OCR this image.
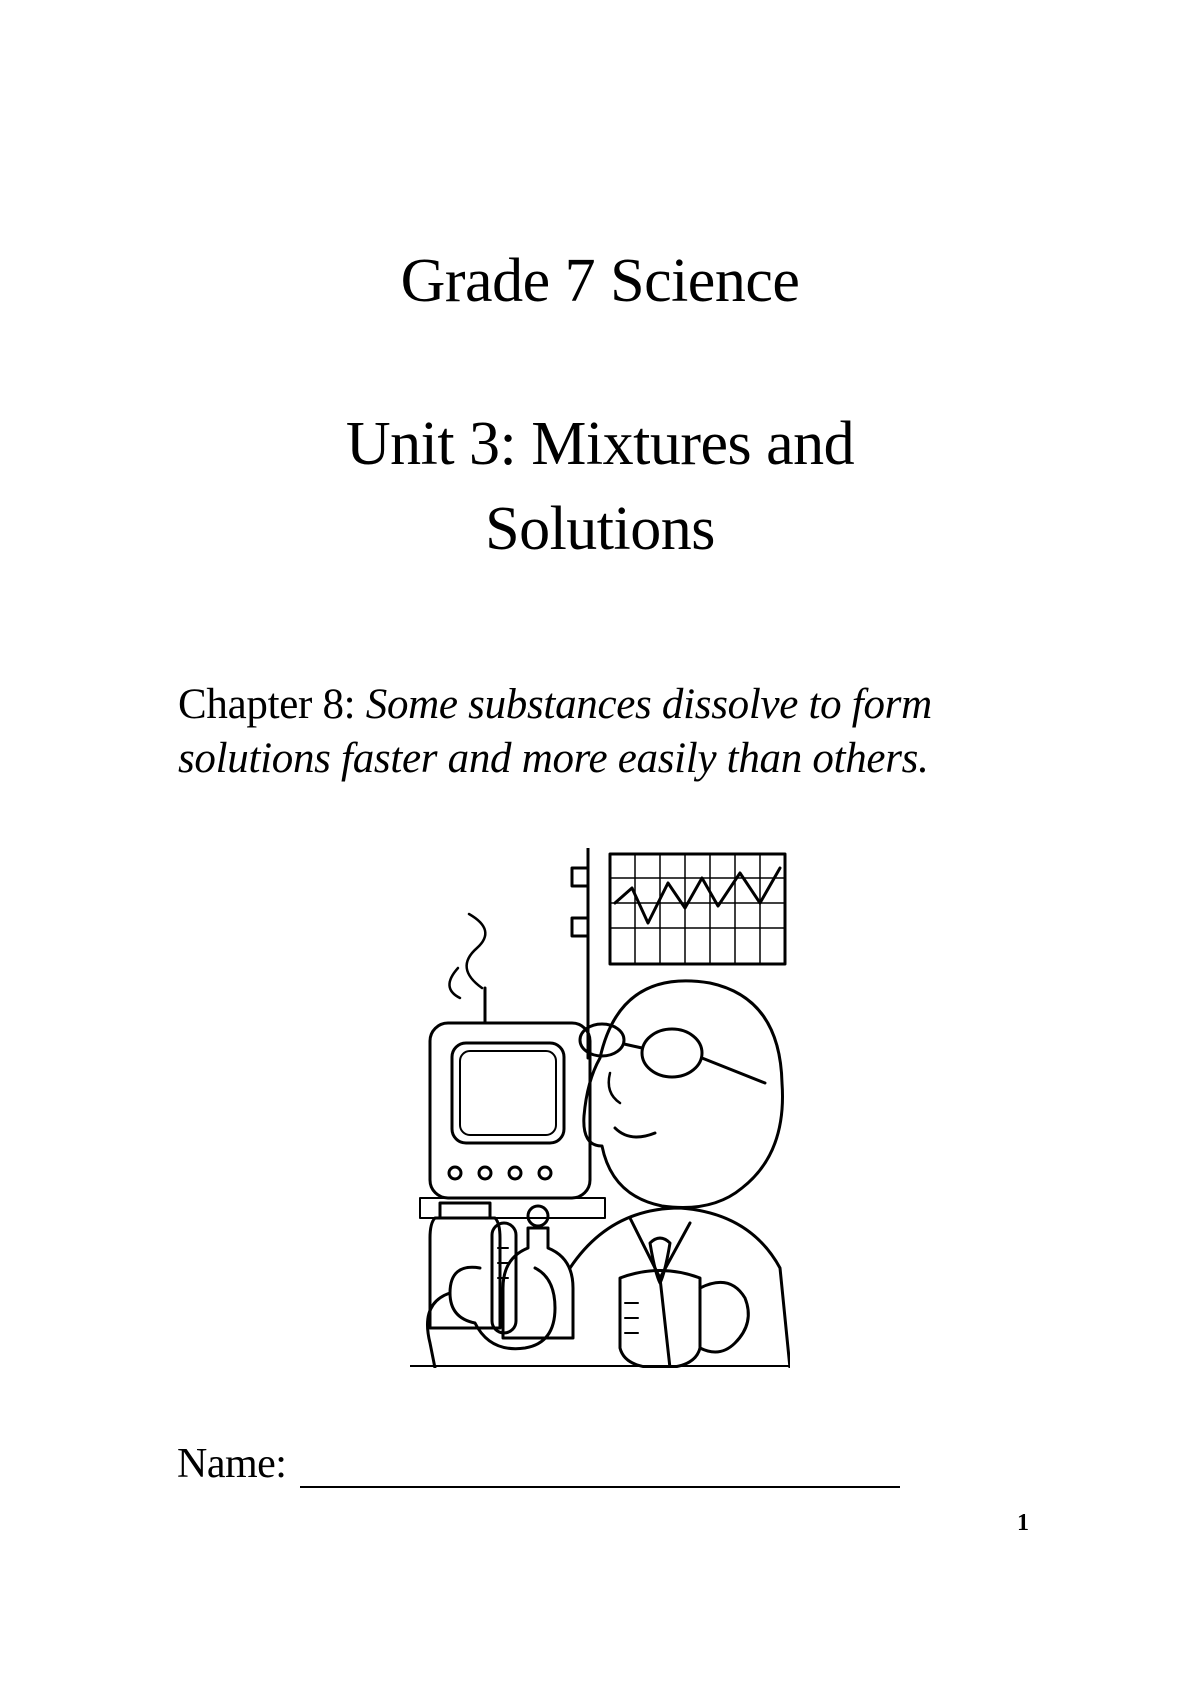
Grade 7 Science
Unit 3: Mixtures and
Solutions
Chapter 8: Some substances dissolve to form
solutions faster and more easily than others.
Name:
1
